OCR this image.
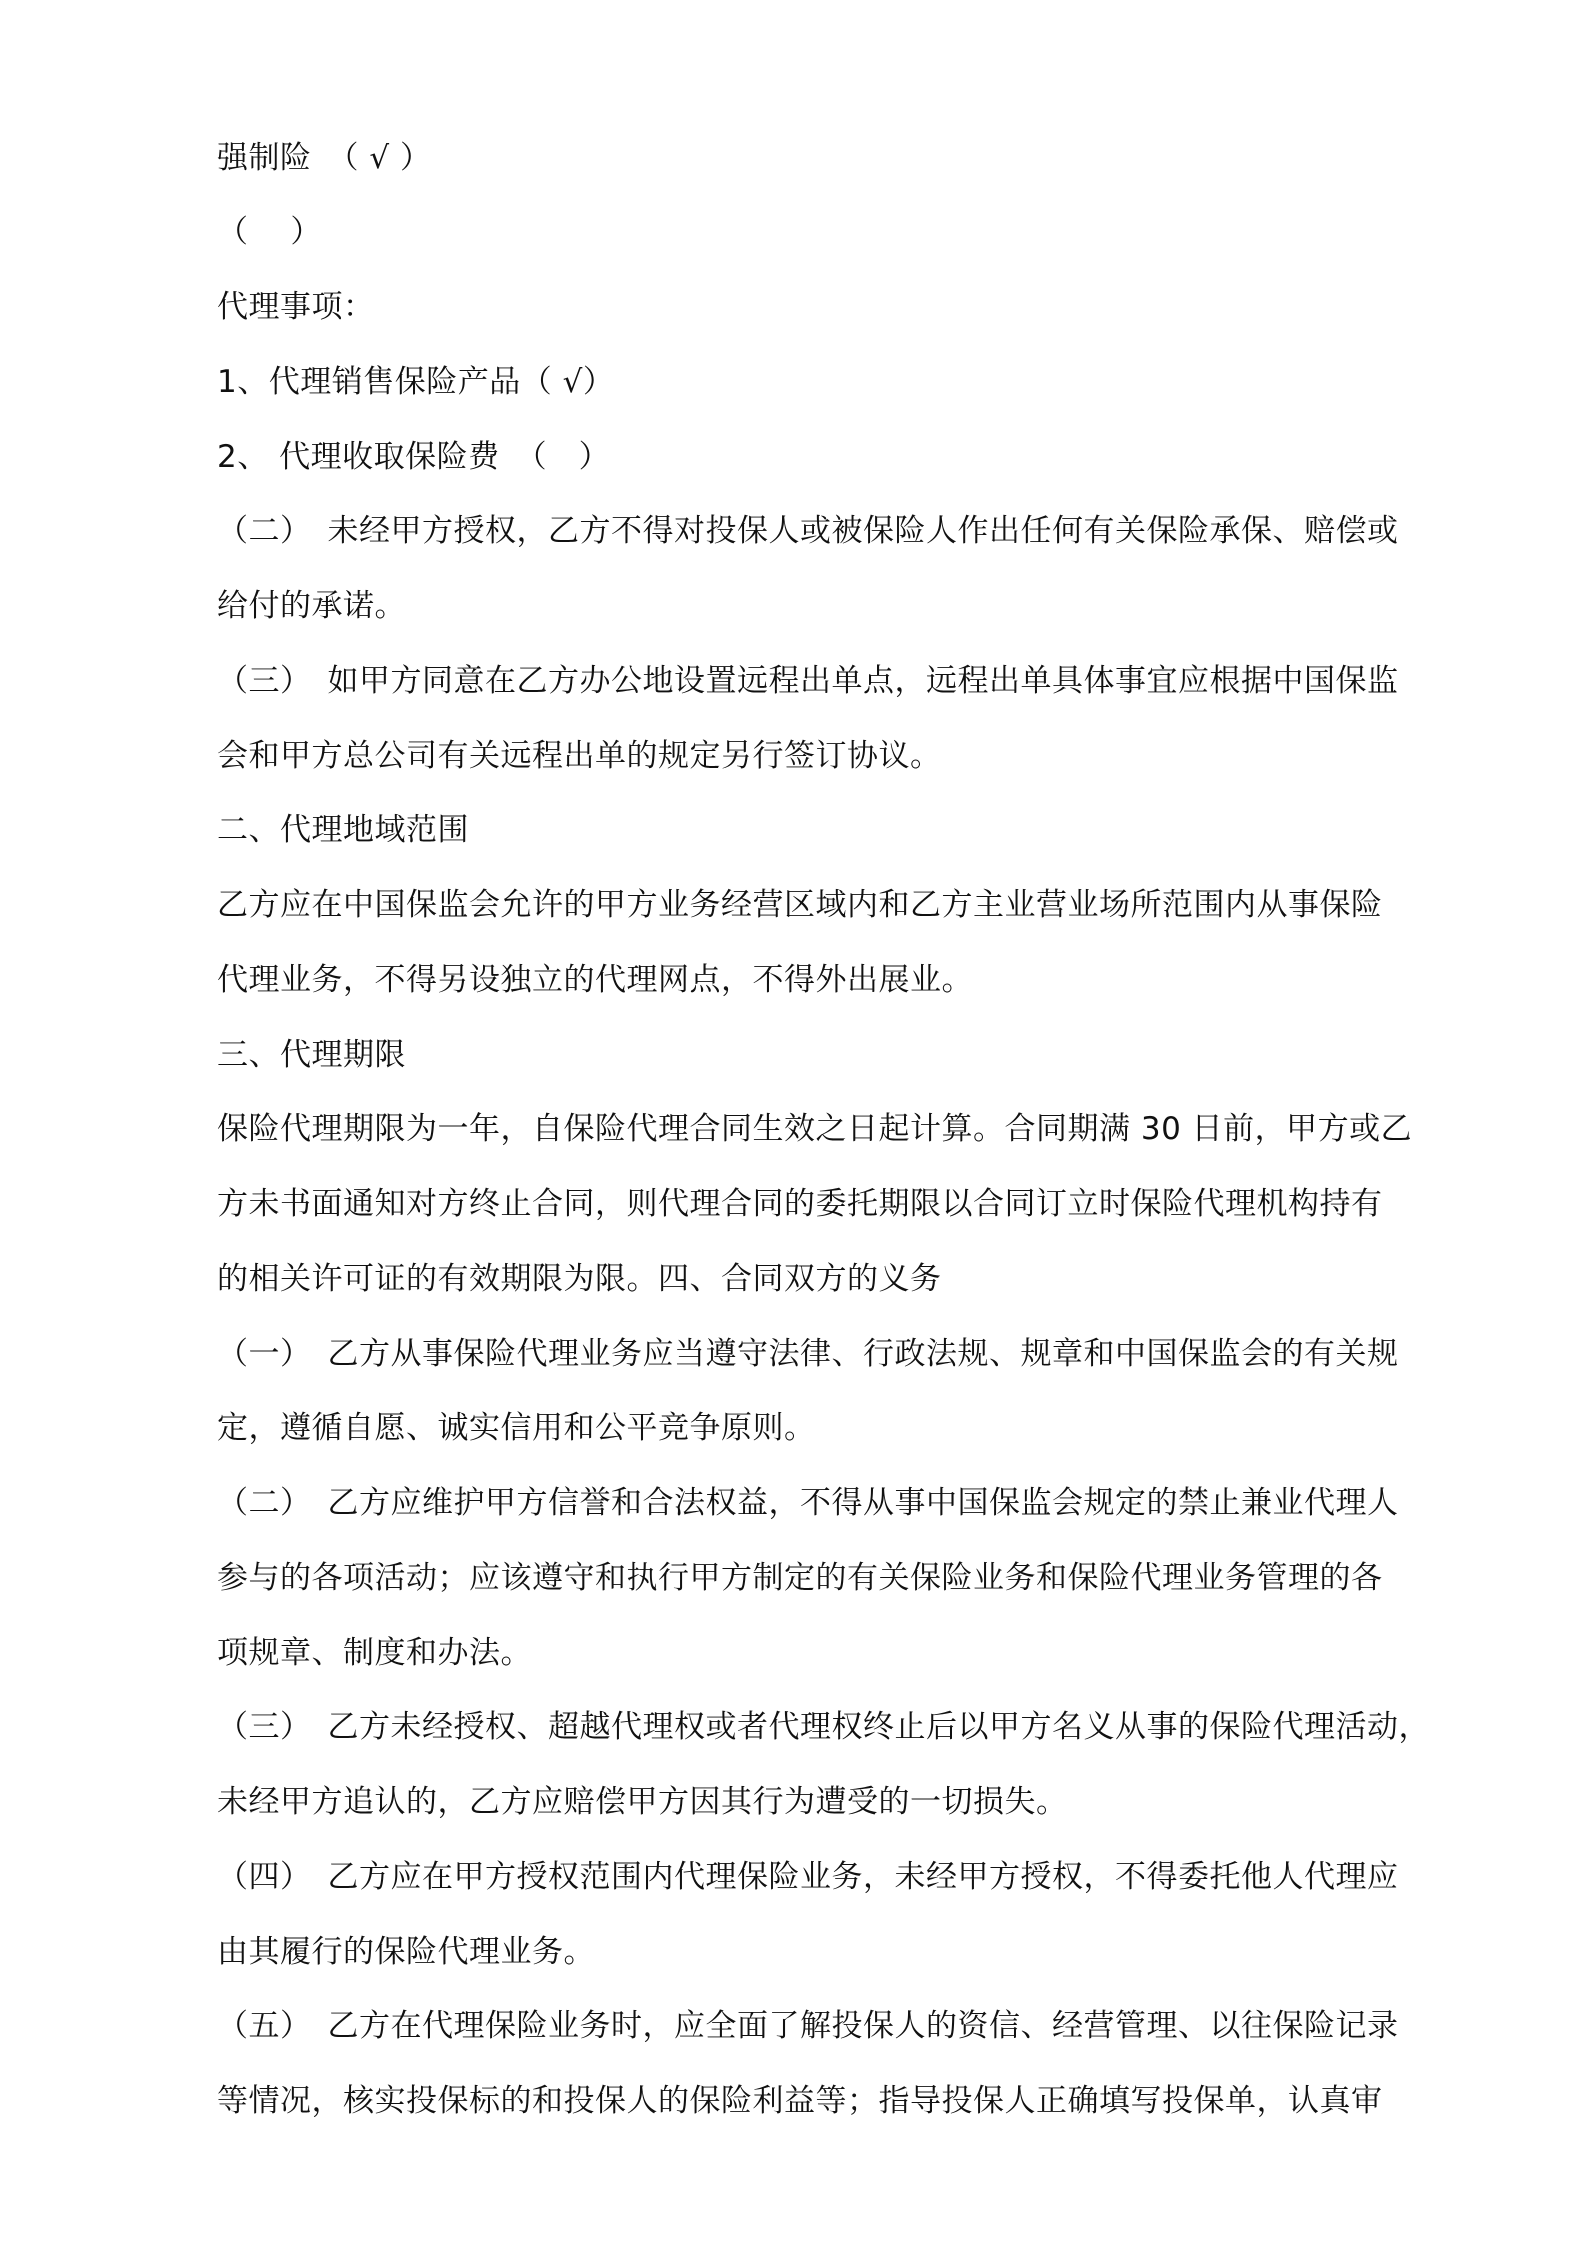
强制险　（ √ ）
（　 ）
代理事项：
1、代理销售保险产品（ √）
2、 代理收取保险费　（　）
（二）　未经甲方授权，乙方不得对投保人或被保险人作出任何有关保险承保、赔偿或
给付的承诺。
（三）　如甲方同意在乙方办公地设置远程出单点，远程出单具体事宜应根据中国保监
会和甲方总公司有关远程出单的规定另行签订协议。
二、代理地域范围
乙方应在中国保监会允许的甲方业务经营区域内和乙方主业营业场所范围内从事保险
代理业务，不得另设独立的代理网点，不得外出展业。
三、代理期限
保险代理期限为一年，自保险代理合同生效之日起计算。合同期满 30 日前，甲方或乙
方未书面通知对方终止合同，则代理合同的委托期限以合同订立时保险代理机构持有
的相关许可证的有效期限为限。四、合同双方的义务
（一）　乙方从事保险代理业务应当遵守法律、行政法规、规章和中国保监会的有关规
定，遵循自愿、诚实信用和公平竞争原则。
（二）　乙方应维护甲方信誉和合法权益，不得从事中国保监会规定的禁止兼业代理人
参与的各项活动；应该遵守和执行甲方制定的有关保险业务和保险代理业务管理的各
项规章、制度和办法。
（三）　乙方未经授权、超越代理权或者代理权终止后以甲方名义从事的保险代理活动，
未经甲方追认的，乙方应赔偿甲方因其行为遭受的一切损失。
（四）　乙方应在甲方授权范围内代理保险业务，未经甲方授权，不得委托他人代理应
由其履行的保险代理业务。
（五）　乙方在代理保险业务时，应全面了解投保人的资信、经营管理、以往保险记录
等情况，核实投保标的和投保人的保险利益等；指导投保人正确填写投保单，认真审
